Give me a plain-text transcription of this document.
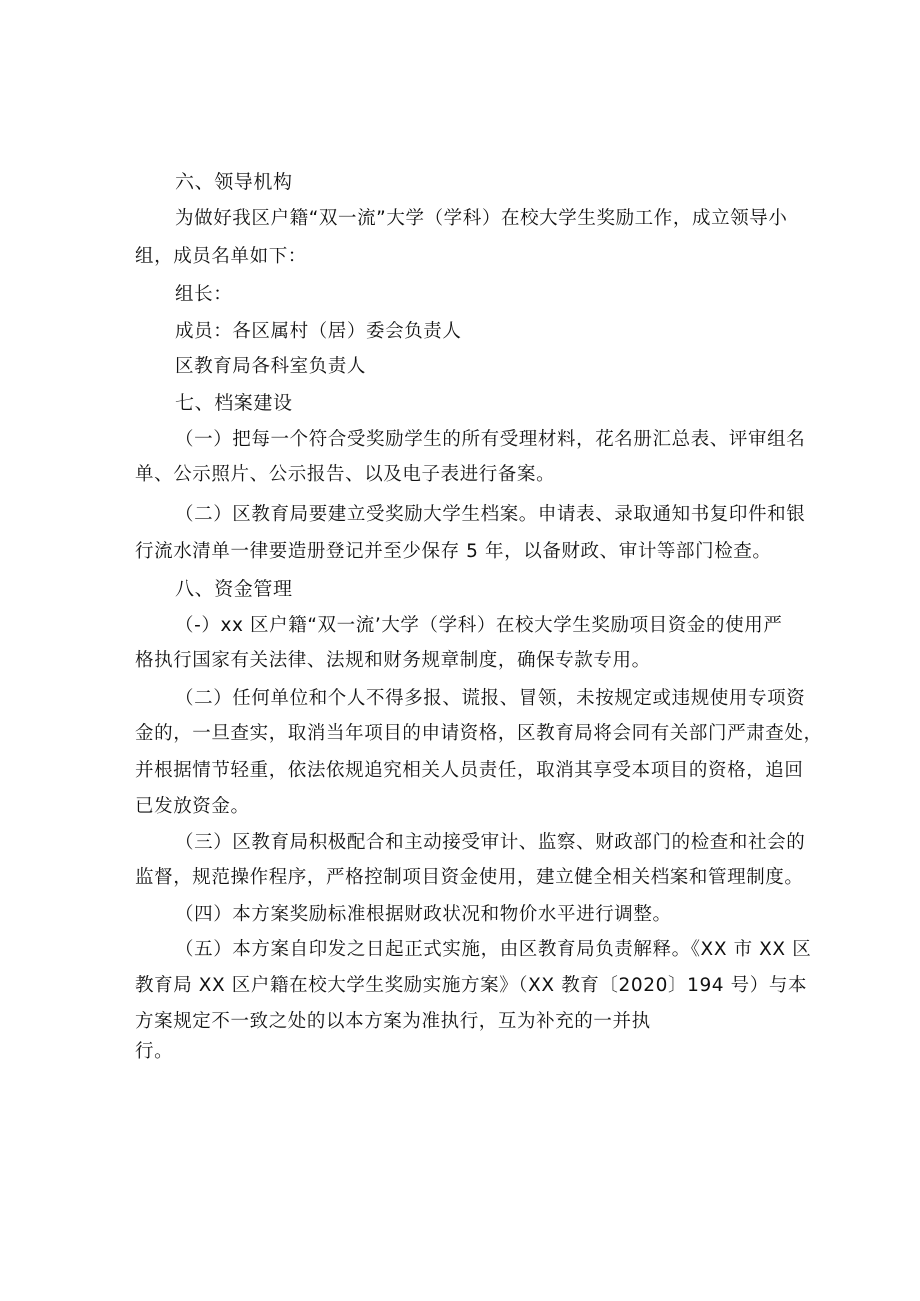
六、领导机构
为做好我区户籍“双一流”大学（学科）在校大学生奖励工作，成立领导小
组，成员名单如下：
组长：
成员：各区属村（居）委会负责人
区教育局各科室负责人
七、档案建设
（一）把每一个符合受奖励学生的所有受理材料，花名册汇总表、评审组名
单、公示照片、公示报告、以及电子表进行备案。
（二）区教育局要建立受奖励大学生档案。申请表、录取通知书复印件和银
行流水清单一律要造册登记并至少保存 5 年，以备财政、审计等部门检查。
八、资金管理
（-）xx 区户籍“双一流’大学（学科）在校大学生奖励项目资金的使用严
格执行国家有关法律、法规和财务规章制度，确保专款专用。
（二）任何单位和个人不得多报、谎报、冒领，未按规定或违规使用专项资
金的，一旦查实，取消当年项目的申请资格，区教育局将会同有关部门严肃查处，
并根据情节轻重，依法依规追究相关人员责任，取消其享受本项目的资格，追回
已发放资金。
（三）区教育局积极配合和主动接受审计、监察、财政部门的检查和社会的
监督，规范操作程序，严格控制项目资金使用，建立健全相关档案和管理制度。
（四）本方案奖励标准根据财政状况和物价水平进行调整。
（五）本方案自印发之日起正式实施，由区教育局负责解释。《XX 市 XX 区
教育局 XX 区户籍在校大学生奖励实施方案》（XX 教育〔2020〕194 号）与本
方案规定不一致之处的以本方案为准执行，互为补充的一并执
行。
